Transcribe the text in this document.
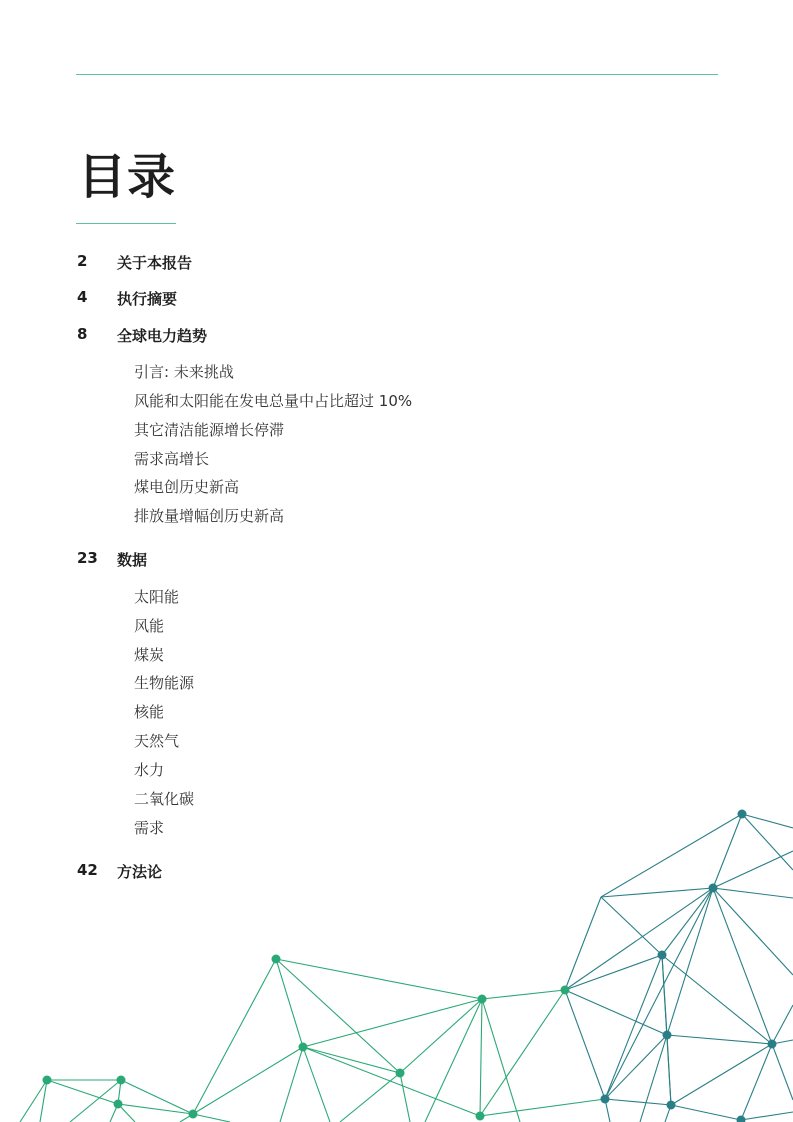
目录
2	关于本报告
4	执行摘要
8	全球电力趋势
引言: 未来挑战
风能和太阳能在发电总量中占比超过 10%
其它清洁能源增长停滞
需求高增长
煤电创历史新高
排放量增幅创历史新高
23	数据
太阳能
风能
煤炭
生物能源
核能
天然气
水力
二氧化碳
需求
42	方法论
